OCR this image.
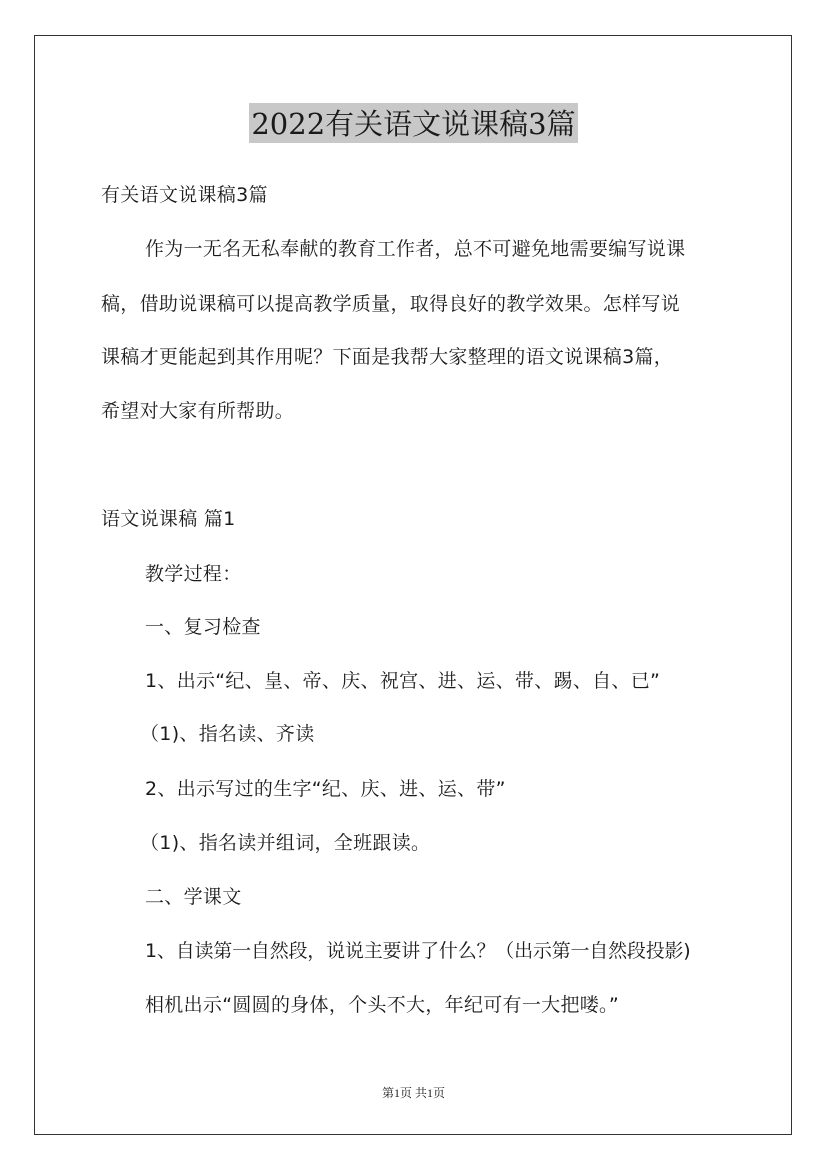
2022有关语文说课稿3篇
有关语文说课稿3篇
作为一无名无私奉献的教育工作者，总不可避免地需要编写说课
稿，借助说课稿可以提高教学质量，取得良好的教学效果。怎样写说
课稿才更能起到其作用呢？下面是我帮大家整理的语文说课稿3篇，
希望对大家有所帮助。
语文说课稿 篇1
教学过程：
一、复习检查
1、出示“纪、皇、帝、庆、祝宫、进、运、带、踢、自、已”
（1)、指名读、齐读
2、出示写过的生字“纪、庆、进、运、带”
（1)、指名读并组词，全班跟读。
二、学课文
1、自读第一自然段，说说主要讲了什么？（出示第一自然段投影)
相机出示“圆圆的身体，个头不大，年纪可有一大把喽。”
第1页 共1页
